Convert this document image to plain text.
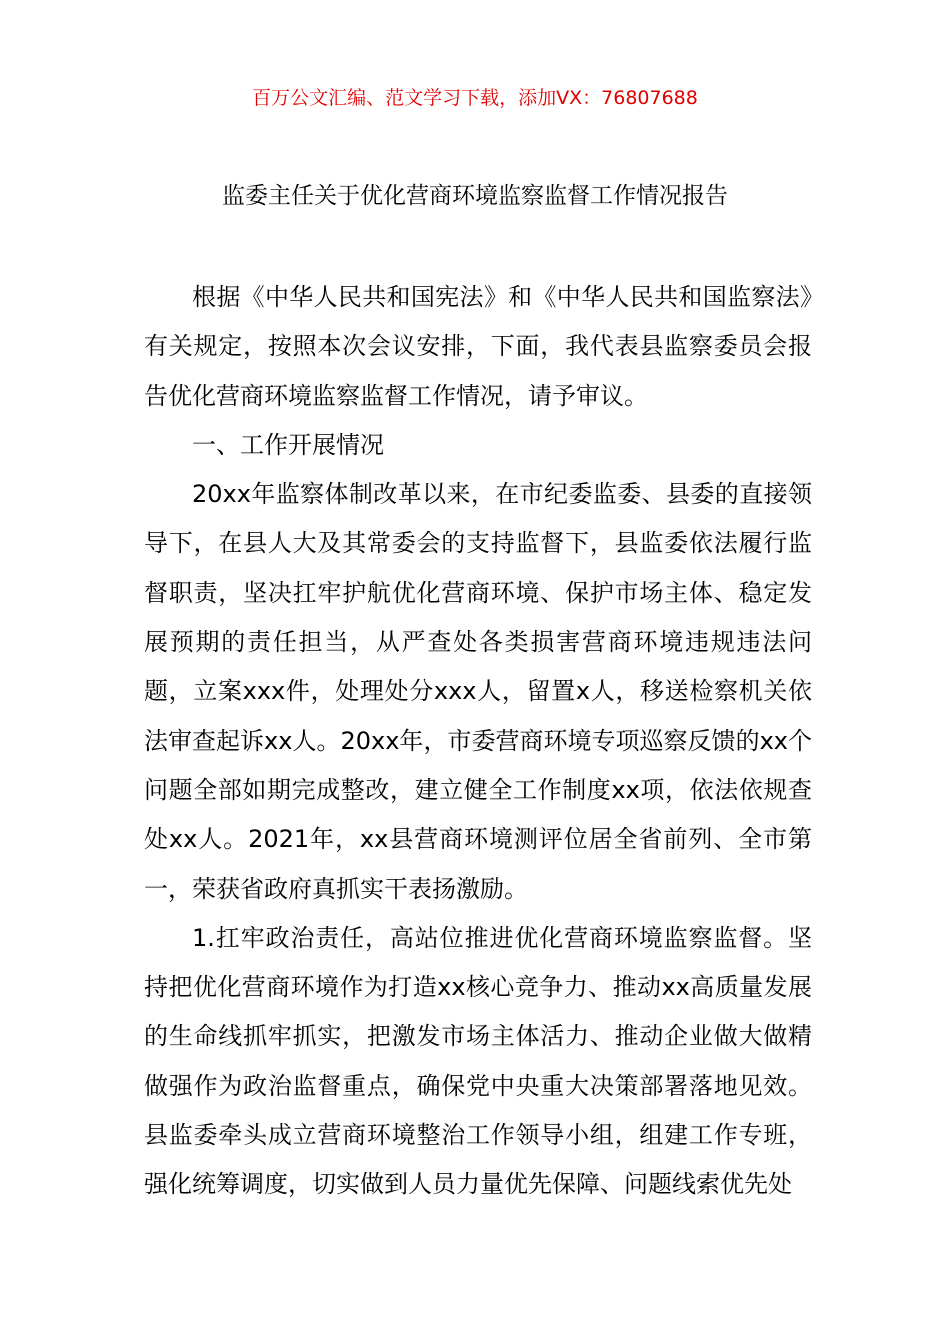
百万公文汇编、范文学习下载，添加VX：76807688
监委主任关于优化营商环境监察监督工作情况报告

根据《中华人民共和国宪法》和《中华人民共和国监察法》有关规定，按照本次会议安排，下面，我代表县监察委员会报告优化营商环境监察监督工作情况，请予审议。

一、工作开展情况

20xx年监察体制改革以来，在市纪委监委、县委的直接领导下，在县人大及其常委会的支持监督下，县监委依法履行监督职责，坚决扛牢护航优化营商环境、保护市场主体、稳定发展预期的责任担当，从严查处各类损害营商环境违规违法问题，立案xxx件，处理处分xxx人，留置x人，移送检察机关依法审查起诉xx人。20xx年，市委营商环境专项巡察反馈的xx个问题全部如期完成整改，建立健全工作制度xx项，依法依规查处xx人。2021年，xx县营商环境测评位居全省前列、全市第一，荣获省政府真抓实干表扬激励。

1.扛牢政治责任，高站位推进优化营商环境监察监督。坚持把优化营商环境作为打造xx核心竞争力、推动xx高质量发展的生命线抓牢抓实，把激发市场主体活力、推动企业做大做精做强作为政治监督重点，确保党中央重大决策部署落地见效。县监委牵头成立营商环境整治工作领导小组，组建工作专班，强化统筹调度，切实做到人员力量优先保障、问题线索优先处
